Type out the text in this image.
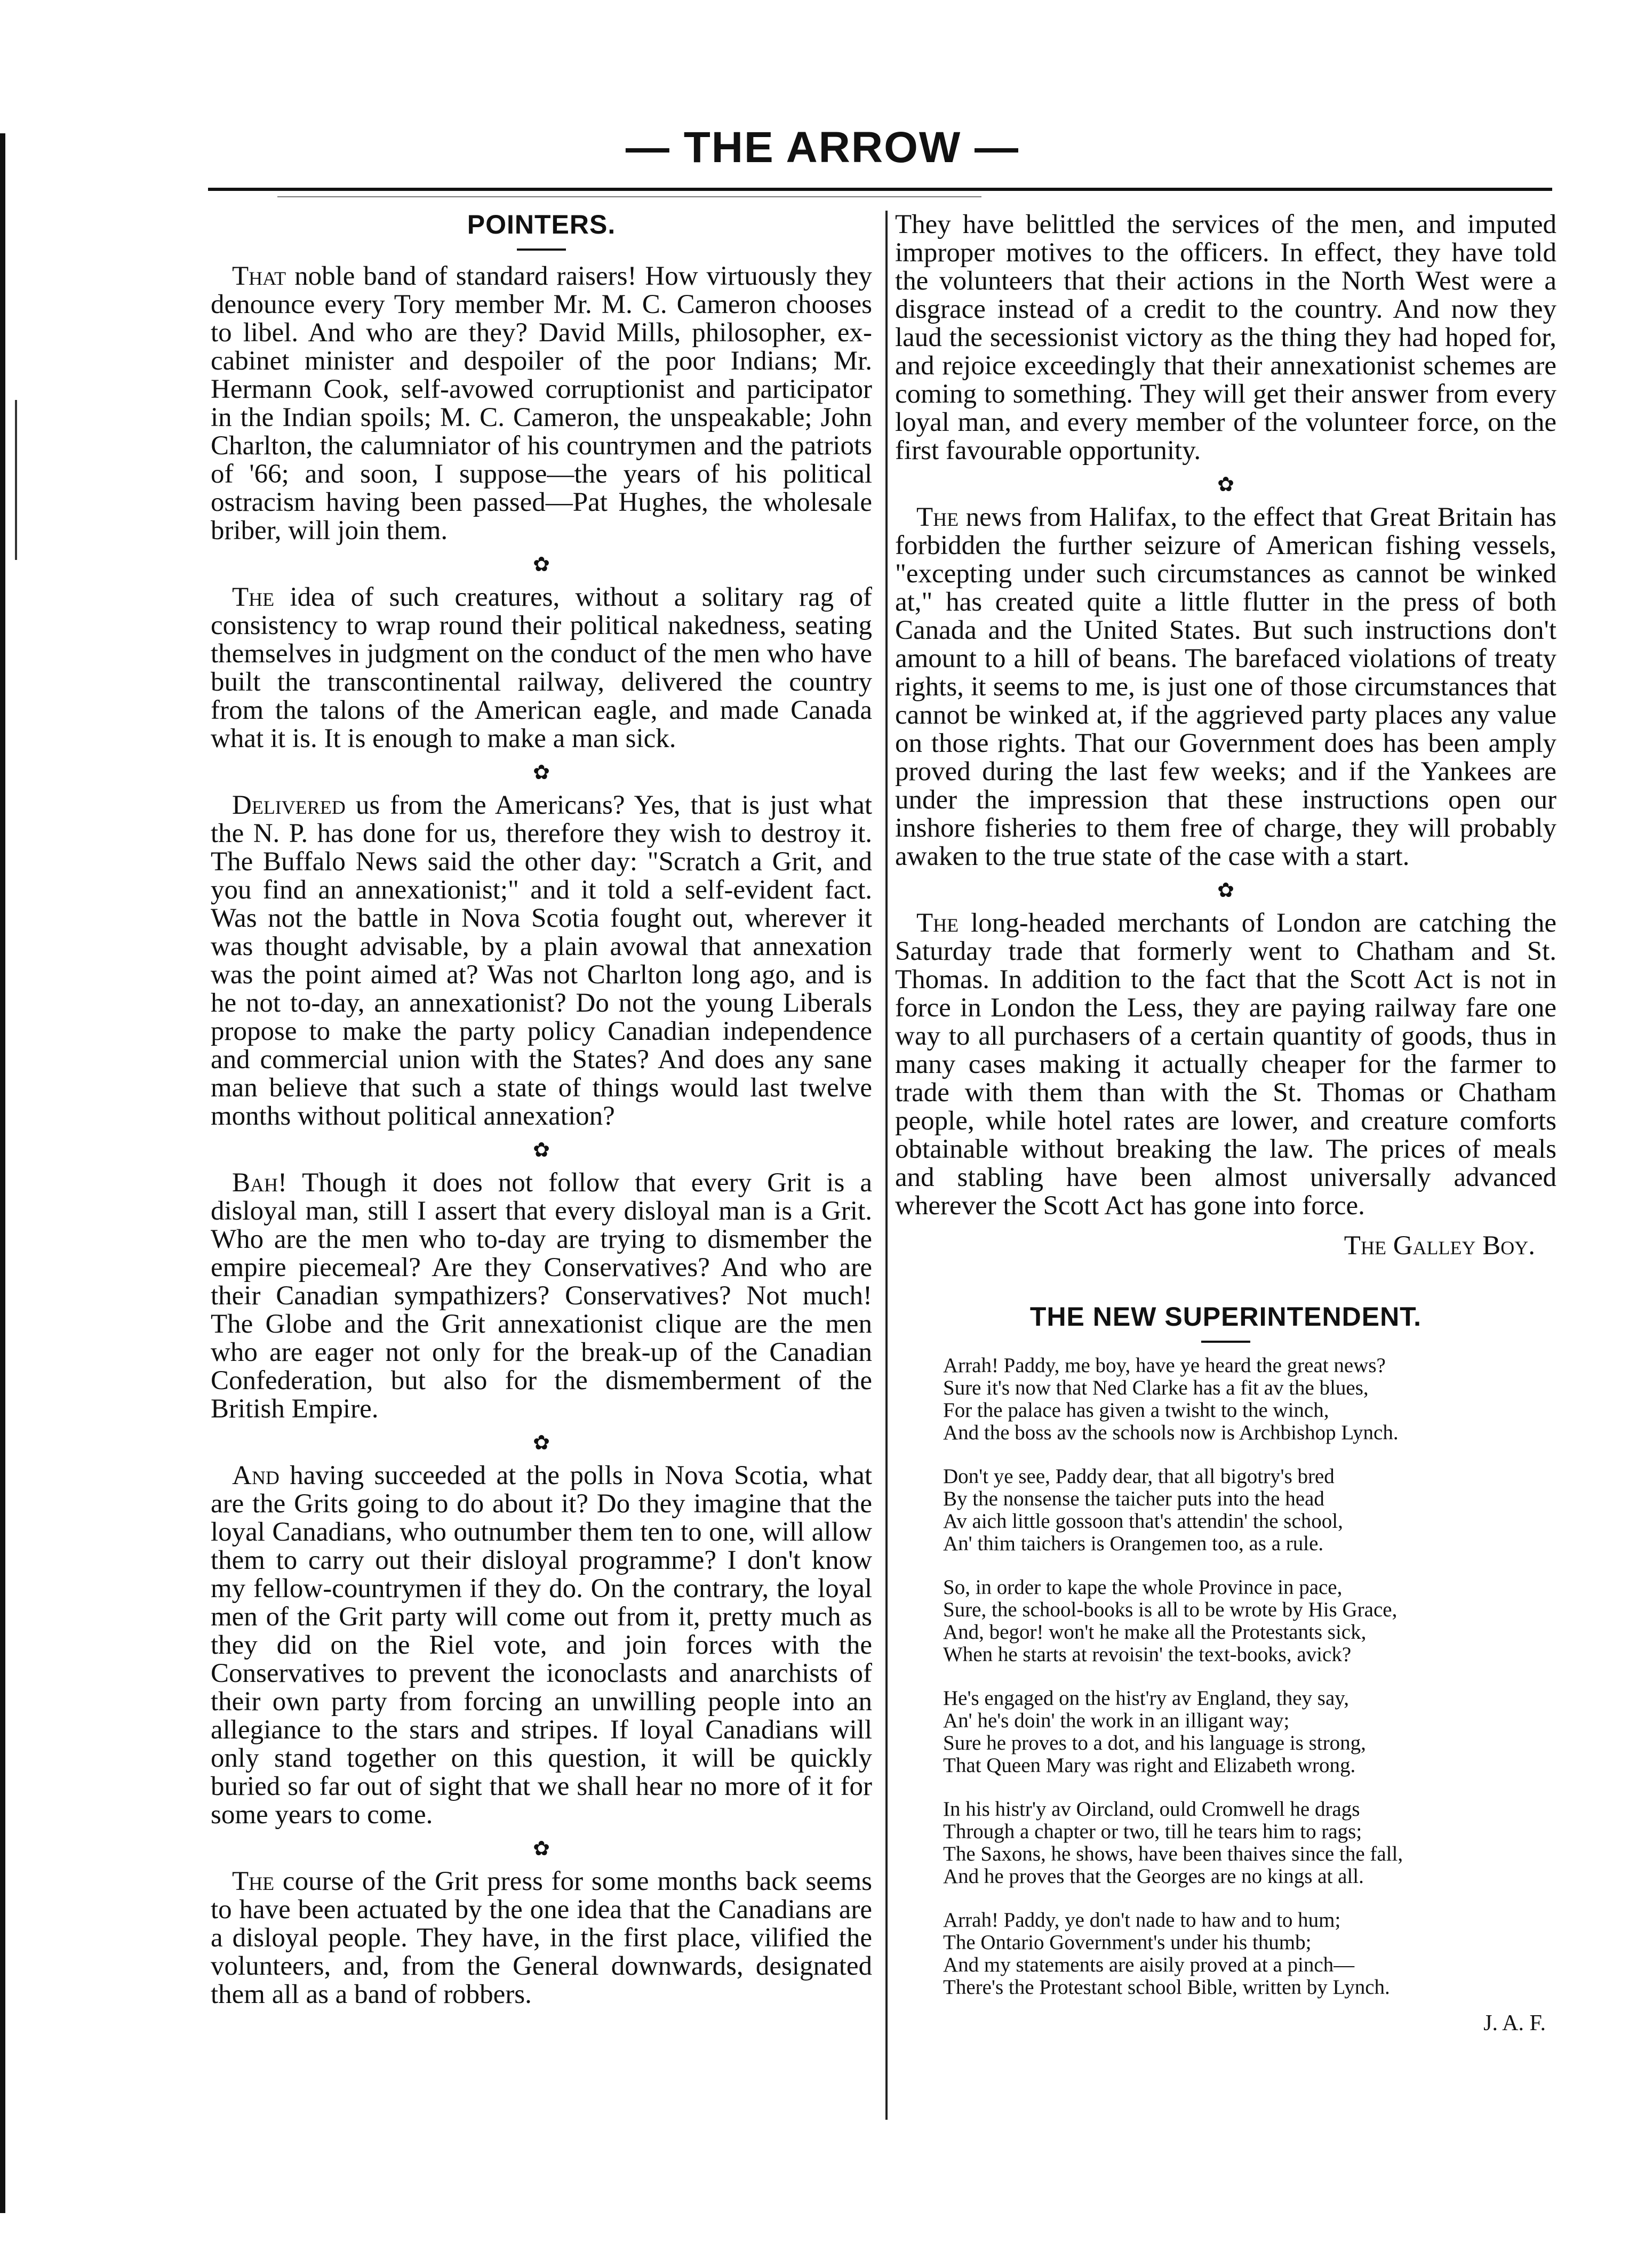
— THE ARROW —
POINTERS.

That noble band of standard raisers! How virtuously they denounce every Tory member Mr. M. C. Cameron chooses to libel. And who are they? David Mills, philosopher, ex-cabinet minister and despoiler of the poor Indians; Mr. Hermann Cook, self-avowed corruptionist and participator in the Indian spoils; M. C. Cameron, the unspeakable; John Charlton, the calumniator of his countrymen and the patriots of '66; and soon, I suppose—the years of his political ostracism having been passed—Pat Hughes, the wholesale briber, will join them.

✿

The idea of such creatures, without a solitary rag of consistency to wrap round their political nakedness, seating themselves in judgment on the conduct of the men who have built the transcontinental railway, delivered the country from the talons of the American eagle, and made Canada what it is. It is enough to make a man sick.

✿

Delivered us from the Americans? Yes, that is just what the N. P. has done for us, therefore they wish to destroy it. The Buffalo News said the other day: "Scratch a Grit, and you find an annexationist;" and it told a self-evident fact. Was not the battle in Nova Scotia fought out, wherever it was thought advisable, by a plain avowal that annexation was the point aimed at? Was not Charlton long ago, and is he not to-day, an annexationist? Do not the young Liberals propose to make the party policy Canadian independence and commercial union with the States? And does any sane man believe that such a state of things would last twelve months without political annexation?

✿

Bah! Though it does not follow that every Grit is a disloyal man, still I assert that every disloyal man is a Grit. Who are the men who to-day are trying to dismember the empire piecemeal? Are they Conservatives? And who are their Canadian sympathizers? Conservatives? Not much! The Globe and the Grit annexationist clique are the men who are eager not only for the break-up of the Canadian Confederation, but also for the dismemberment of the British Empire.

✿

And having succeeded at the polls in Nova Scotia, what are the Grits going to do about it? Do they imagine that the loyal Canadians, who outnumber them ten to one, will allow them to carry out their disloyal programme? I don't know my fellow-countrymen if they do. On the contrary, the loyal men of the Grit party will come out from it, pretty much as they did on the Riel vote, and join forces with the Conservatives to prevent the iconoclasts and anarchists of their own party from forcing an unwilling people into an allegiance to the stars and stripes. If loyal Canadians will only stand together on this question, it will be quickly buried so far out of sight that we shall hear no more of it for some years to come.

✿

The course of the Grit press for some months back seems to have been actuated by the one idea that the Canadians are a disloyal people. They have, in the first place, vilified the volunteers, and, from the General downwards, designated them all as a band of robbers.

They have belittled the services of the men, and imputed improper motives to the officers. In effect, they have told the volunteers that their actions in the North West were a disgrace instead of a credit to the country. And now they laud the secessionist victory as the thing they had hoped for, and rejoice exceedingly that their annexationist schemes are coming to something. They will get their answer from every loyal man, and every member of the volunteer force, on the first favourable opportunity.

✿

The news from Halifax, to the effect that Great Britain has forbidden the further seizure of American fishing vessels, "excepting under such circumstances as cannot be winked at," has created quite a little flutter in the press of both Canada and the United States. But such instructions don't amount to a hill of beans. The barefaced violations of treaty rights, it seems to me, is just one of those circumstances that cannot be winked at, if the aggrieved party places any value on those rights. That our Government does has been amply proved during the last few weeks; and if the Yankees are under the impression that these instructions open our inshore fisheries to them free of charge, they will probably awaken to the true state of the case with a start.

✿

The long-headed merchants of London are catching the Saturday trade that formerly went to Chatham and St. Thomas. In addition to the fact that the Scott Act is not in force in London the Less, they are paying railway fare one way to all purchasers of a certain quantity of goods, thus in many cases making it actually cheaper for the farmer to trade with them than with the St. Thomas or Chatham people, while hotel rates are lower, and creature comforts obtainable without breaking the law. The prices of meals and stabling have been almost universally advanced wherever the Scott Act has gone into force.

The Galley Boy.
THE NEW SUPERINTENDENT.
Arrah! Paddy, me boy, have ye heard the great news?
Sure it's now that Ned Clarke has a fit av the blues,
For the palace has given a twisht to the winch,
And the boss av the schools now is Archbishop Lynch.
Don't ye see, Paddy dear, that all bigotry's bred
By the nonsense the taicher puts into the head
Av aich little gossoon that's attendin' the school,
An' thim taichers is Orangemen too, as a rule.
So, in order to kape the whole Province in pace,
Sure, the school-books is all to be wrote by His Grace,
And, begor! won't he make all the Protestants sick,
When he starts at revoisin' the text-books, avick?
He's engaged on the hist'ry av England, they say,
An' he's doin' the work in an illigant way;
Sure he proves to a dot, and his language is strong,
That Queen Mary was right and Elizabeth wrong.
In his histr'y av Oircland, ould Cromwell he drags
Through a chapter or two, till he tears him to rags;
The Saxons, he shows, have been thaives since the fall,
And he proves that the Georges are no kings at all.
Arrah! Paddy, ye don't nade to haw and to hum;
The Ontario Government's under his thumb;
And my statements are aisily proved at a pinch—
There's the Protestant school Bible, written by Lynch.
J. A. F.
